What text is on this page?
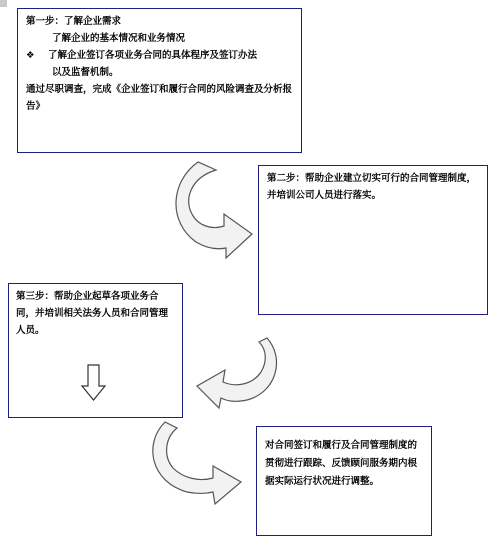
第一步：了解企业需求
了解企业的基本情况和业务情况
❖ 了解企业签订各项业务合同的具体程序及签订办法
以及监督机制。
通过尽职调查，完成《企业签订和履行合同的风险调查及分析报告》
第二步：帮助企业建立切实可行的合同管理制度，并培训公司人员进行落实。
第三步：帮助企业起草各项业务合同，并培训相关法务人员和合同管理人员。
对合同签订和履行及合同管理制度的贯彻进行跟踪、反馈顾问服务期内根据实际运行状况进行调整。
